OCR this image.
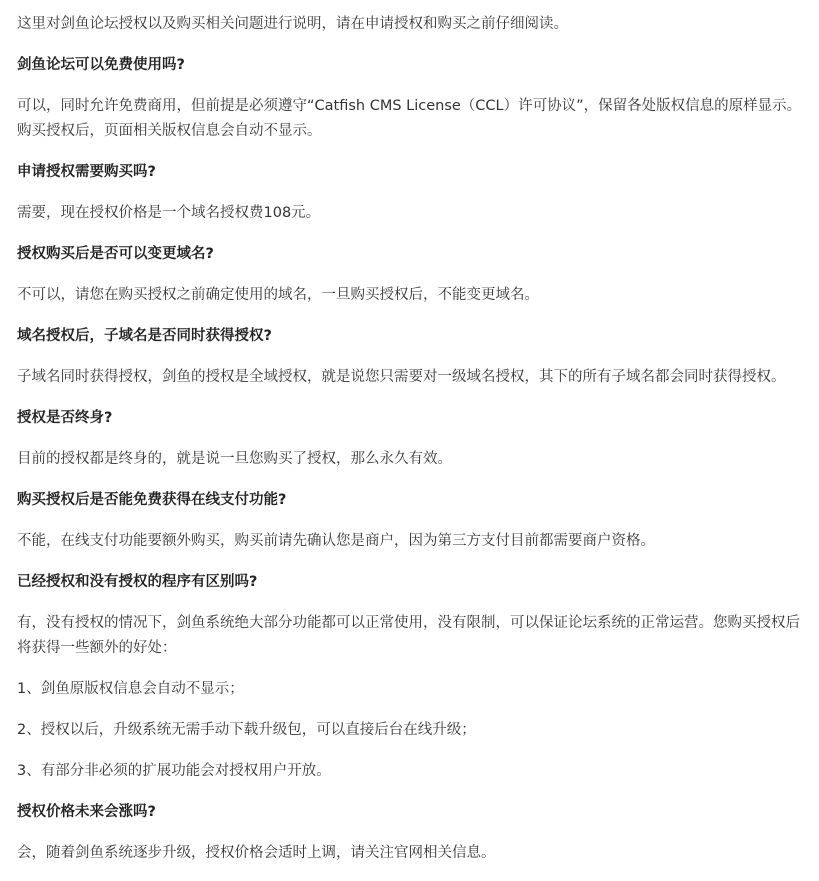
这里对剑鱼论坛授权以及购买相关问题进行说明，请在申请授权和购买之前仔细阅读。

剑鱼论坛可以免费使用吗?

可以，同时允许免费商用，但前提是必须遵守“Catfish CMS License（CCL）许可协议”，保留各处版权信息的原样显示。购买授权后，页面相关版权信息会自动不显示。

申请授权需要购买吗?

需要，现在授权价格是一个域名授权费108元。

授权购买后是否可以变更域名?

不可以，请您在购买授权之前确定使用的域名，一旦购买授权后，不能变更域名。

域名授权后，子域名是否同时获得授权?

子域名同时获得授权，剑鱼的授权是全域授权，就是说您只需要对一级域名授权，其下的所有子域名都会同时获得授权。

授权是否终身?

目前的授权都是终身的，就是说一旦您购买了授权，那么永久有效。

购买授权后是否能免费获得在线支付功能?

不能，在线支付功能要额外购买，购买前请先确认您是商户，因为第三方支付目前都需要商户资格。

已经授权和没有授权的程序有区别吗?

有，没有授权的情况下，剑鱼系统绝大部分功能都可以正常使用，没有限制，可以保证论坛系统的正常运营。您购买授权后将获得一些额外的好处：

1、剑鱼原版权信息会自动不显示；

2、授权以后，升级系统无需手动下载升级包，可以直接后台在线升级；

3、有部分非必须的扩展功能会对授权用户开放。

授权价格未来会涨吗?

会，随着剑鱼系统逐步升级，授权价格会适时上调，请关注官网相关信息。
